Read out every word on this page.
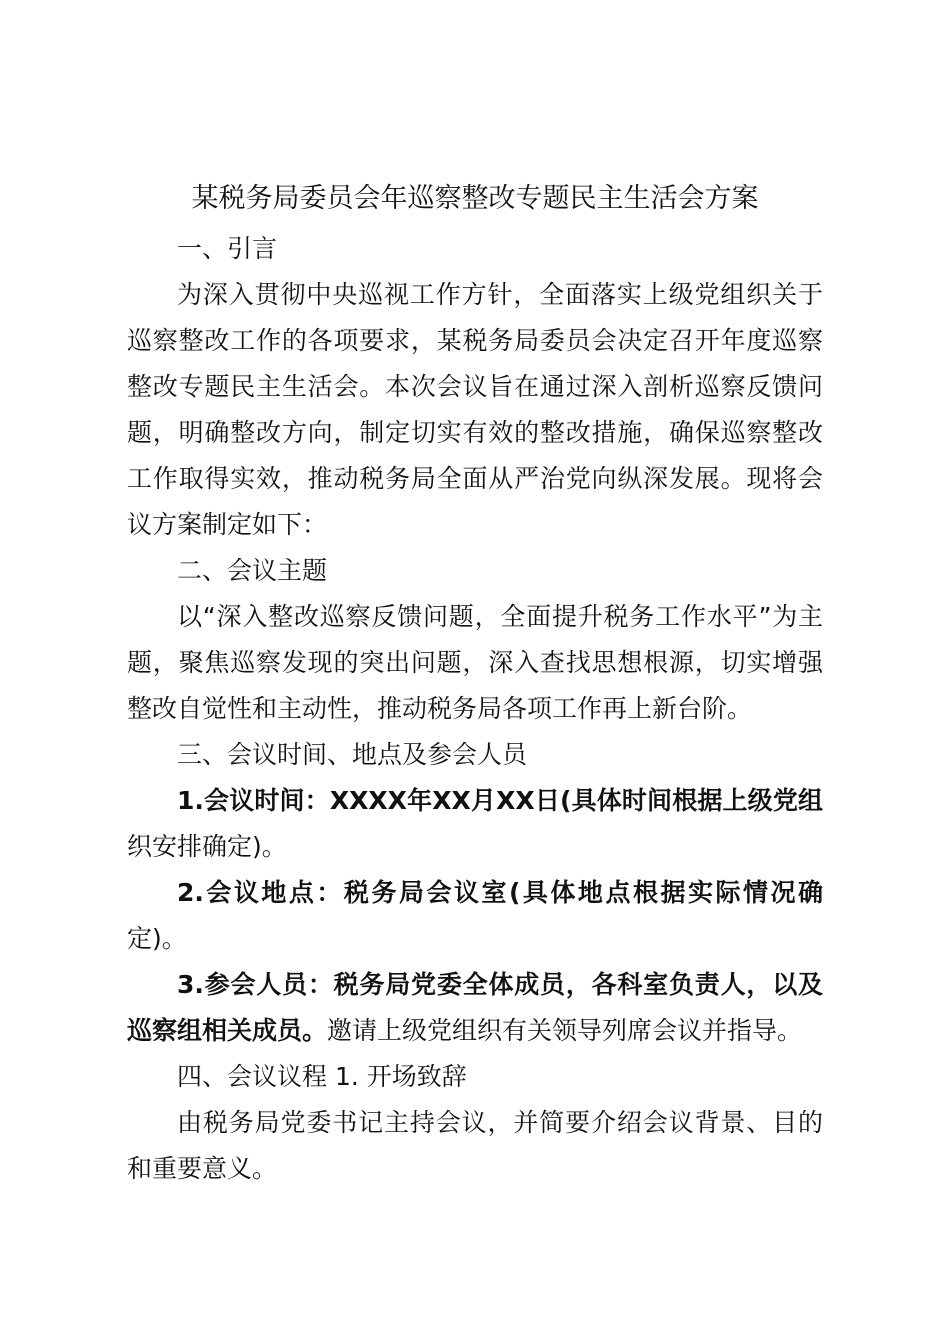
某税务局委员会年巡察整改专题民主生活会方案

一、引言

为深入贯彻中央巡视工作方针，全面落实上级党组织关于巡察整改工作的各项要求，某税务局委员会决定召开年度巡察整改专题民主生活会。本次会议旨在通过深入剖析巡察反馈问题，明确整改方向，制定切实有效的整改措施，确保巡察整改工作取得实效，推动税务局全面从严治党向纵深发展。现将会议方案制定如下：

二、会议主题

以“深入整改巡察反馈问题，全面提升税务工作水平”为主题，聚焦巡察发现的突出问题，深入查找思想根源，切实增强整改自觉性和主动性，推动税务局各项工作再上新台阶。

三、会议时间、地点及参会人员

1.会议时间：XXXX年XX月XX日(具体时间根据上级党组织安排确定)。

2.会议地点：税务局会议室(具体地点根据实际情况确定)。

3.参会人员：税务局党委全体成员，各科室负责人，以及巡察组相关成员。邀请上级党组织有关领导列席会议并指导。

四、会议议程 1. 开场致辞

由税务局党委书记主持会议，并简要介绍会议背景、目的和重要意义。
